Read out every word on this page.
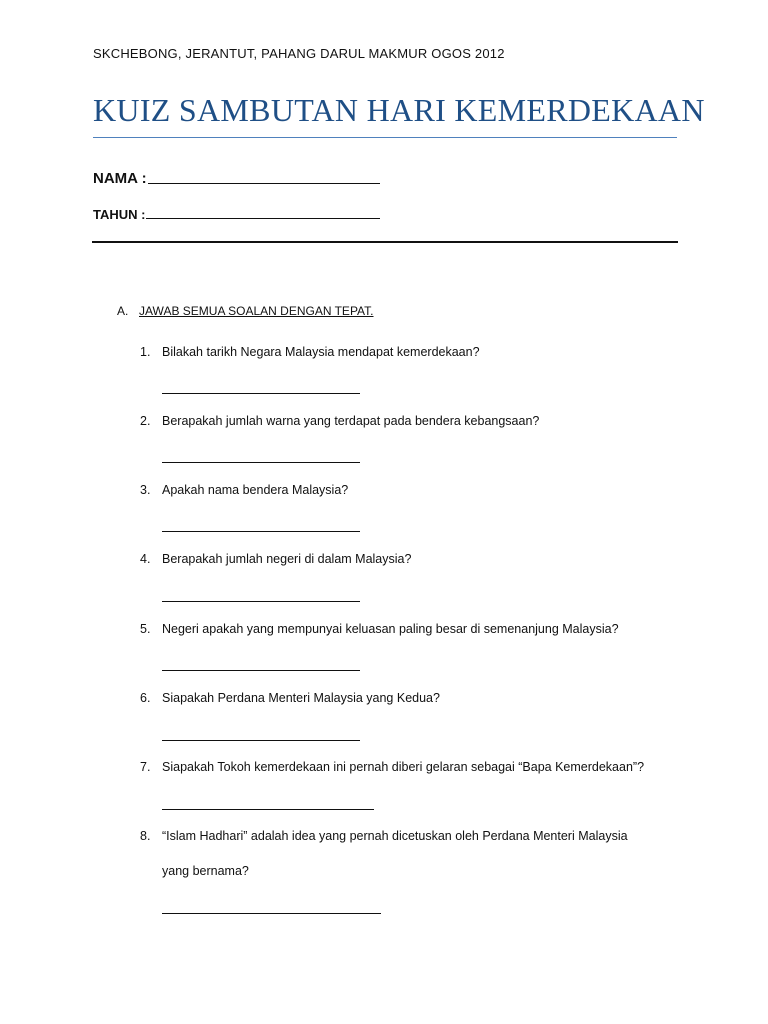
SKCHEBONG, JERANTUT, PAHANG DARUL MAKMUR OGOS 2012
KUIZ SAMBUTAN HARI KEMERDEKAAN
NAMA :
TAHUN :
A. JAWAB SEMUA SOALAN DENGAN TEPAT.
1. Bilakah tarikh Negara Malaysia mendapat kemerdekaan?
2. Berapakah jumlah warna yang terdapat pada bendera kebangsaan?
3. Apakah nama bendera Malaysia?
4. Berapakah jumlah negeri di dalam Malaysia?
5. Negeri apakah yang mempunyai keluasan paling besar di semenanjung Malaysia?
6. Siapakah Perdana Menteri Malaysia yang Kedua?
7. Siapakah Tokoh kemerdekaan ini pernah diberi gelaran sebagai “Bapa Kemerdekaan”?
8. “Islam Hadhari” adalah idea yang pernah dicetuskan oleh Perdana Menteri Malaysia
yang bernama?
